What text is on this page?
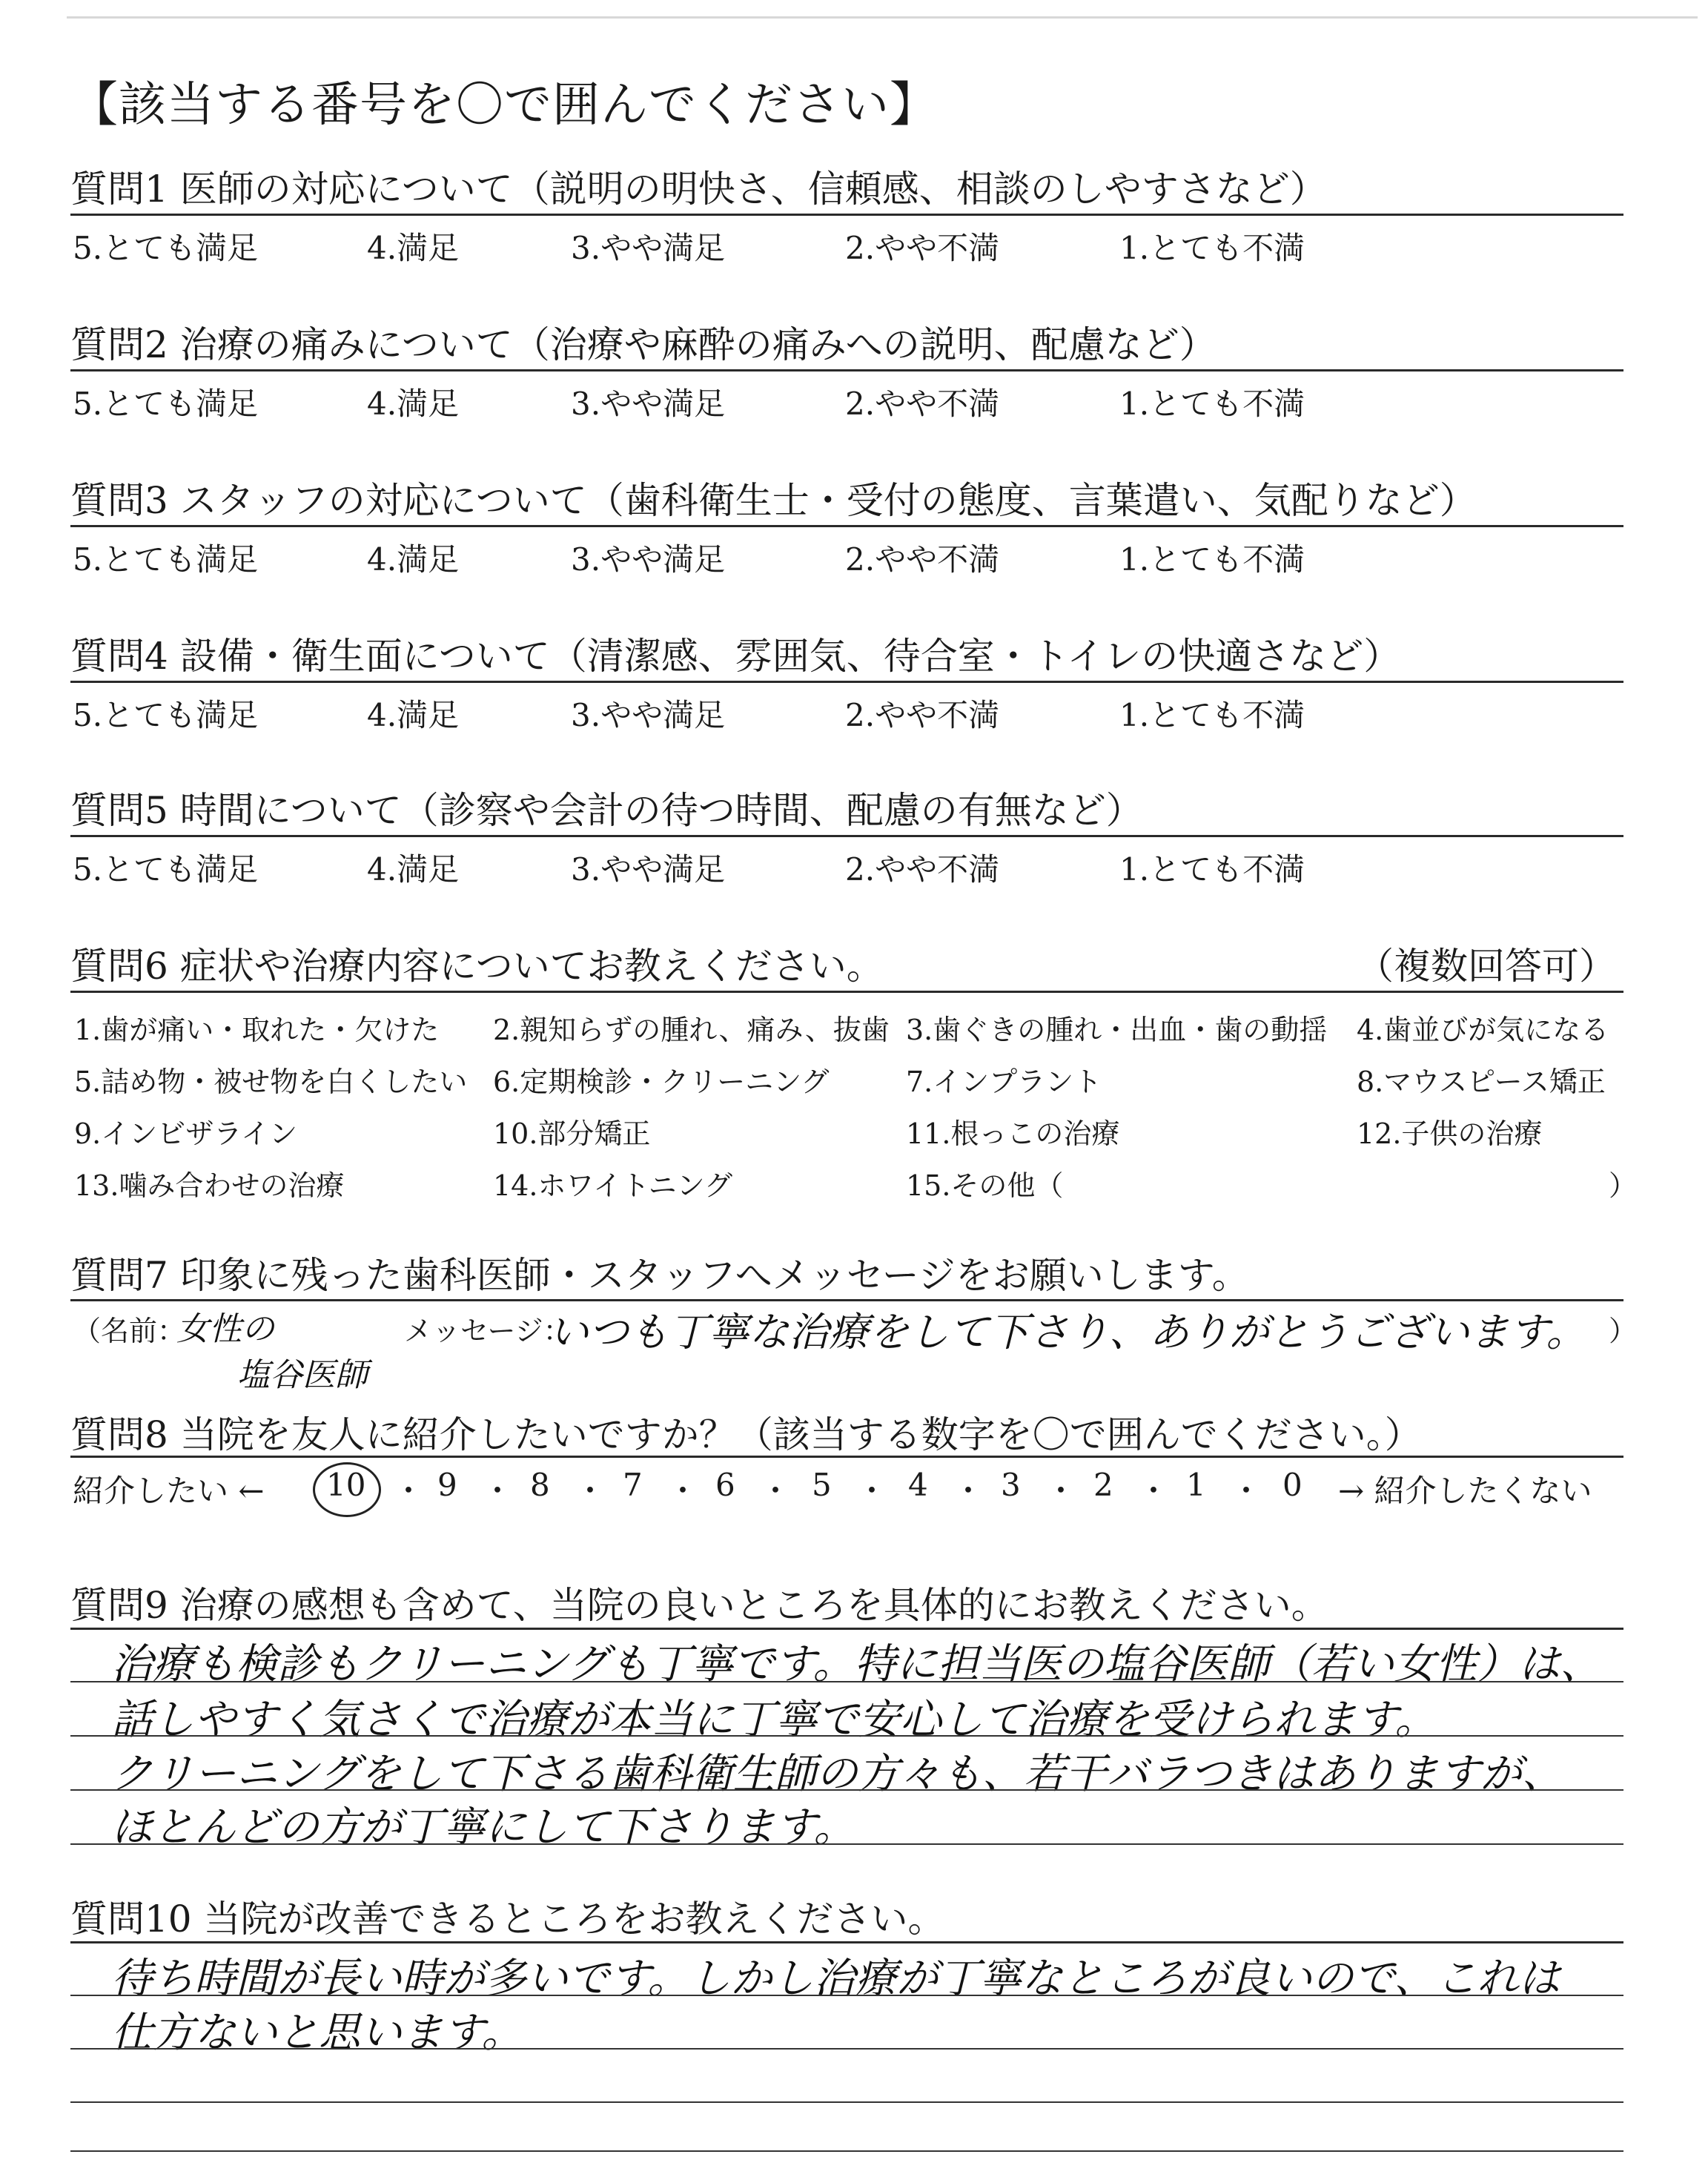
【該当する番号を〇で囲んでください】
質問1 医師の対応について（説明の明快さ、信頼感、相談のしやすさなど）
5.とても満足	4.満足	3.やや満足	2.やや不満	1.とても不満
質問2 治療の痛みについて（治療や麻酔の痛みへの説明、配慮など）
5.とても満足	4.満足	3.やや満足	2.やや不満	1.とても不満
質問3 スタッフの対応について（歯科衛生士・受付の態度、言葉遣い、気配りなど）
5.とても満足	4.満足	3.やや満足	2.やや不満	1.とても不満
質問4 設備・衛生面について（清潔感、雰囲気、待合室・トイレの快適さなど）
5.とても満足	4.満足	3.やや満足	2.やや不満	1.とても不満
質問5 時間について（診察や会計の待つ時間、配慮の有無など）
5.とても満足	4.満足	3.やや満足	2.やや不満	1.とても不満
質問6 症状や治療内容についてお教えください。	（複数回答可）
1.歯が痛い・取れた・欠けた 2.親知らずの腫れ、痛み、抜歯 3.歯ぐきの腫れ・出血・歯の動揺 4.歯並びが気になる
5.詰め物・被せ物を白くしたい 6.定期検診・クリーニング	7.インプラント	8.マウスピース矯正
9.インビザライン	10.部分矯正	11.根っこの治療	12.子供の治療
13.噛み合わせの治療	14.ホワイトニング	15.その他（	）
質問7 印象に残った歯科医師・スタッフへメッセージをお願いします。
（名前：
女性の
塩谷医師
メッセージ：
いつも丁寧な治療をして下さり、ありがとうございます。 ）
質問8 当院を友人に紹介したいですか？（該当する数字を〇で囲んでください。）
紹介したい ← 10 ・ 9 ・ 8 ・ 7 ・ 6 ・ 5 ・ 4 ・ 3 ・ 2 ・ 1 ・ 0 → 紹介したくない
質問9 治療の感想も含めて、当院の良いところを具体的にお教えください。
治療も検診もクリーニングも丁寧です。特に担当医の塩谷医師（若い女性）は、
話しやすく気さくで治療が本当に丁寧で安心して治療を受けられます。
クリーニングをして下さる歯科衛生師の方々も、若干バラつきはありますが、
ほとんどの方が丁寧にして下さります。
質問10 当院が改善できるところをお教えください。
待ち時間が長い時が多いです。しかし治療が丁寧なところが良いので、これは
仕方ないと思います。
